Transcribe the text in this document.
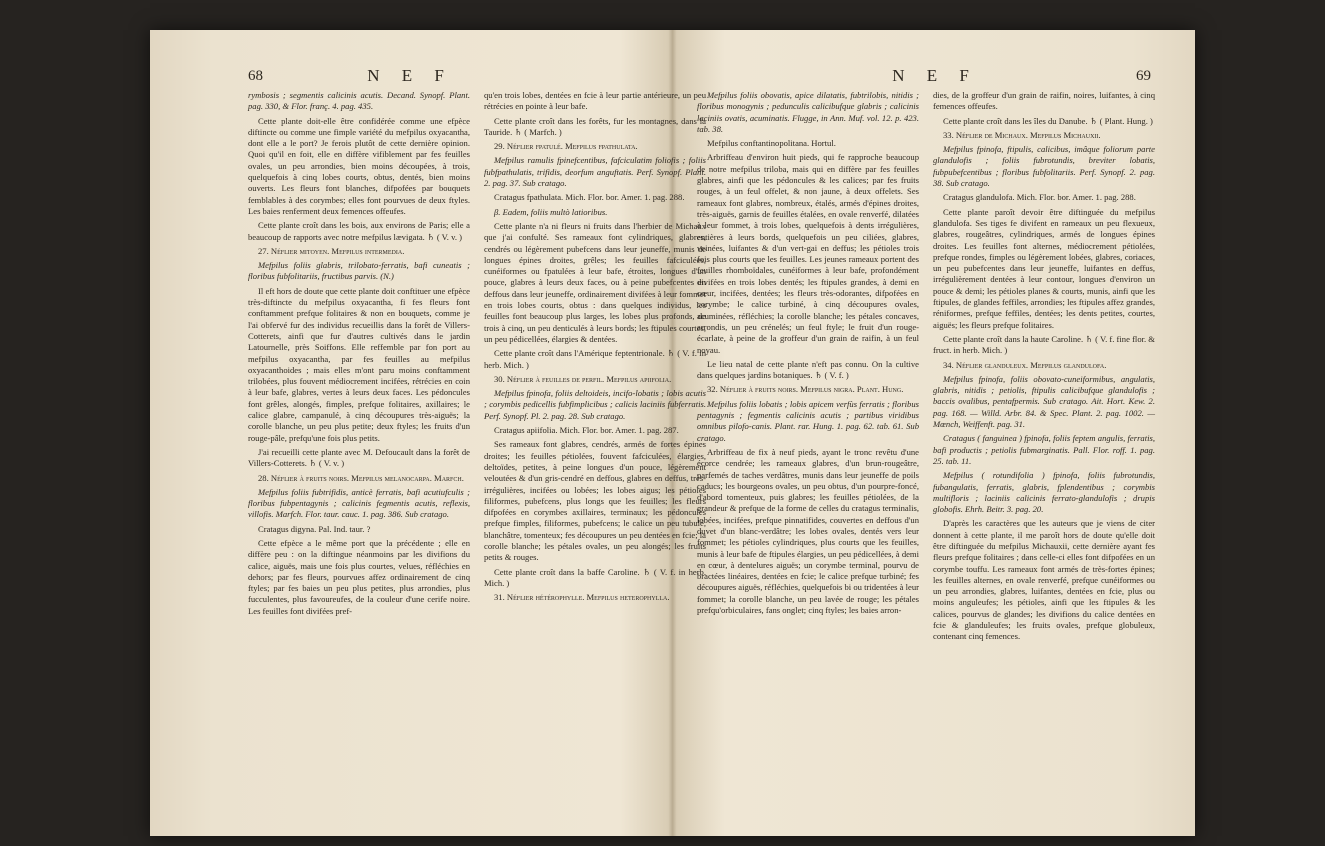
68	N E F

rymbosis ; segmentis calicinis acutis. Decand. Synopf. Plant. pag. 330, & Flor. franç. 4. pag. 435.

Cette plante doit-elle être confidérée comme une efpèce diftincte ou comme une fimple variété du mefpilus oxyacantha, dont elle a le port? Je ferois plutôt de cette dernière opinion. Quoi qu'il en foit, elle en diffère vifiblement par fes feuilles ovales, un peu arrondies, bien moins découpées, à trois, quelquefois à cinq lobes courts, obtus, dentés, bien moins ouverts. Les fleurs font blanches, difpofées par bouquets femblables à des corymbes; elles font pourvues de deux ftyles. Les baies renferment deux femences offeufes.

Cette plante croît dans les bois, aux environs de Paris; elle a beaucoup de rapports avec notre mefpilus lævigata. ♄ ( V. v. )

27. Néflier mitoyen. Mefpilus intermedia.

Mefpilus foliis glabris, trilobato-ferratis, bafi cuneatis ; floribus fubfolitariis, fructibus parvis. (N.)

Il eft hors de doute que cette plante doit conftituer une efpèce très-diftincte du mefpilus oxyacantha, fi fes fleurs font conftamment prefque folitaires & non en bouquets, comme je l'ai obfervé fur des individus recueillis dans la forêt de Villers-Cotterets, ainfi que fur d'autres cultivés dans le jardin Latournelle, près Soiffons. Elle reffemble par fon port au mefpilus oxyacantha, par fes feuilles au mefpilus oxyacanthoides ; mais elles m'ont paru moins conftamment trilobées, plus fouvent médiocrement incifées, rétrécies en coin à leur bafe, glabres, vertes à leurs deux faces. Les pédoncules font grêles, alongés, fimples, prefque folitaires, axillaires; le calice glabre, campanulé, à cinq découpures très-aiguës; la corolle blanche, un peu plus petite; deux ftyles; les fruits d'un rouge-pâle, prefqu'une fois plus petits.

J'ai recueilli cette plante avec M. Defoucault dans la forêt de Villers-Cotterets. ♄ ( V. v. )

28. Néflier à fruits noirs. Mefpilus melanocarpa. Marfch.

Mefpilus foliis fubtrifidis, anticè ferratis, bafi acutiufculis ; floribus fubpentagynis ; calicinis fegmentis acutis, reflexis, villofis. Marfch. Flor. taur. cauc. 1. pag. 386. Sub cratago.

Cratagus digyna. Pal. Ind. taur. ?

Cette efpèce a le même port que la précédente ; elle en diffère peu : on la diftingue néanmoins par les divifions du calice, aiguës, mais une fois plus courtes, velues, réfléchies en dehors; par fes fleurs, pourvues affez ordinairement de cinq ftyles; par fes baies un peu plus petites, plus arrondies, plus fucculentes, plus favoureufes, de la couleur d'une cerife noire. Les feuilles font divifées pref-

qu'en trois lobes, dentées en fcie à leur partie antérieure, un peu rétrécies en pointe à leur bafe.

Cette plante croît dans les forêts, fur les montagnes, dans la Tauride. ♄ ( Marfch. )

29. Néflier fpatulé. Mefpilus fpathulata.

Mefpilus ramulis fpinefcentibus, fafciculatim foliofis ; foliis fubfpathulatis, trifidis, deorfum anguftatis. Perf. Synopf. Plant. 2. pag. 37. Sub cratago.

Cratagus fpathulata. Mich. Flor. bor. Amer. 1. pag. 288.

β. Eadem, foliis multò latioribus.

Cette plante n'a ni fleurs ni fruits dans l'herbier de Michaux que j'ai confulté. Ses rameaux font cylindriques, glabres, cendrés ou légèrement pubefcens dans leur jeuneffe, munis de longues épines droites, grêles; les feuilles fafciculées, cunéiformes ou fpatulées à leur bafe, étroites, longues d'un pouce, glabres à leurs deux faces, ou à peine pubefcentes en deffous dans leur jeuneffe, ordinairement divifées à leur fommet en trois lobes courts, obtus : dans quelques individus, les feuilles font beaucoup plus larges, les lobes plus profonds, de trois à cinq, un peu denticulés à leurs bords; les ftipules courtes, un peu pédicellées, élargies & dentées.

Cette plante croît dans l'Amérique feptentrionale. ♄ ( V. f. in herb. Mich. )

30. Néflier à feuilles de perfil. Mefpilus apiifolia.

Mefpilus fpinofa, foliis deltoideis, incifo-lobatis ; lobis acutis ; corymbis pedicellis fubfimplicibus ; calicis laciniis fubferratis. Perf. Synopf. Pl. 2. pag. 28. Sub cratago.

Cratagus apiifolia. Mich. Flor. bor. Amer. 1. pag. 287.

Ses rameaux font glabres, cendrés, armés de fortes épines droites; les feuilles pétiolées, fouvent fafciculées, élargies, deltoïdes, petites, à peine longues d'un pouce, légèrement veloutées & d'un gris-cendré en deffous, glabres en deffus, très-irrégulières, incifées ou lobées; les lobes aigus; les pétioles filiformes, pubefcens, plus longs que les feuilles; les fleurs difpofées en corymbes axillaires, terminaux; les pédoncules prefque fimples, filiformes, pubefcens; le calice un peu tubulé, blanchâtre, tomenteux; fes découpures un peu dentées en fcie; la corolle blanche; les pétales ovales, un peu alongés; les fruits petits & rouges.

Cette plante croît dans la baffe Caroline. ♄ ( V. f. in herb. Mich. )

31. Néflier hétérophylle. Mefpilus heterophylla.

N E F	69

Mefpilus foliis obovatis, apice dilatatis, fubtrilobis, nitidis ; floribus monogynis ; pedunculis calicibufque glabris ; calicinis laciniis ovatis, acuminatis. Flugge, in Ann. Muf. vol. 12. p. 423. tab. 38.

Mefpilus conftantinopolitana. Hortul.

Arbriffeau d'environ huit pieds, qui fe rapproche beaucoup de notre mefpilus triloba, mais qui en diffère par fes feuilles glabres, ainfi que les pédoncules & les calices; par fes fruits rouges, à un feul offelet, & non jaune, à deux offelets. Ses rameaux font glabres, nombreux, étalés, armés d'épines droites, très-aiguës, garnis de feuilles étalées, en ovale renverfé, dilatées à leur fommet, à trois lobes, quelquefois à dents irrégulières, entières à leurs bords, quelquefois un peu ciliées, glabres, veinées, luifantes & d'un vert-gai en deffus; les pétioles trois fois plus courts que les feuilles. Les jeunes rameaux portent des feuilles rhomboïdales, cunéiformes à leur bafe, profondément divifées en trois lobes dentés; les ftipules grandes, à demi en cœur, incifées, dentées; les fleurs très-odorantes, difpofées en corymbe; le calice turbiné, à cinq découpures ovales, acuminées, réfléchies; la corolle blanche; les pétales concaves, arrondis, un peu crénelés; un feul ftyle; le fruit d'un rouge-écarlate, à peine de la groffeur d'un grain de raifin, à un feul noyau.

Le lieu natal de cette plante n'eft pas connu. On la cultive dans quelques jardins botaniques. ♄ ( V. f. )

32. Néflier à fruits noirs. Mefpilus nigra. Plant. Hung.

Mefpilus foliis lobatis ; lobis apicem verfùs ferratis ; floribus pentagynis ; fegmentis calicinis acutis ; partibus viridibus omnibus pilofo-canis. Plant. rar. Hung. 1. pag. 62. tab. 61. Sub cratago.

Arbriffeau de fix à neuf pieds, ayant le tronc revêtu d'une écorce cendrée; les rameaux glabres, d'un brun-rougeâtre, parfemés de taches verdâtres, munis dans leur jeuneffe de poils caducs; les bourgeons ovales, un peu obtus, d'un pourpre-foncé, d'abord tomenteux, puis glabres; les feuilles pétiolées, de la grandeur & prefque de la forme de celles du cratagus terminalis, lobées, incifées, prefque pinnatifides, couvertes en deffous d'un duvet d'un blanc-verdâtre; les lobes ovales, dentés vers leur fommet; les pétioles cylindriques, plus courts que les feuilles, munis à leur bafe de ftipules élargies, un peu pédicellées, à demi en cœur, à dentelures aiguës; un corymbe terminal, pourvu de bractées linéaires, dentées en fcie; le calice prefque turbiné; fes découpures aiguës, réfléchies, quelquefois bi ou tridentées à leur fommet; la corolle blanche, un peu lavée de rouge; les pétales prefqu'orbiculaires, fans onglet; cinq ftyles; les baies arron-

dies, de la groffeur d'un grain de raifin, noires, luifantes, à cinq femences offeufes.

Cette plante croît dans les îles du Danube. ♄ ( Plant. Hung. )

33. Néflier de Michaux. Mefpilus Michauxii.

Mefpilus fpinofa, ftipulis, calicibus, imâque foliorum parte glandulofis ; foliis fubrotundis, breviter lobatis, fubpubefcentibus ; floribus fubfolitariis. Perf. Synopf. 2. pag. 38. Sub cratago.

Cratagus glandulofa. Mich. Flor. bor. Amer. 1. pag. 288.

Cette plante paroît devoir être diftinguée du mefpilus glandulofa. Ses tiges fe divifent en rameaux un peu flexueux, glabres, rougeâtres, cylindriques, armés de longues épines droites. Les feuilles font alternes, médiocrement pétiolées, prefque rondes, fimples ou légèrement lobées, glabres, coriaces, un peu pubefcentes dans leur jeuneffe, luifantes en deffus, irrégulièrement dentées à leur contour, longues d'environ un pouce & demi; les pétioles planes & courts, munis, ainfi que les ftipules, de glandes feffiles, arrondies; les ftipules affez grandes, réniformes, prefque feffiles, dentées; les dents petites, courtes, aiguës; les fleurs prefque folitaires.

Cette plante croît dans la haute Caroline. ♄ ( V. f. fine flor. & fruct. in herb. Mich. )

34. Néflier glanduleux. Mefpilus glandulofa.

Mefpilus fpinofa, foliis obovato-cuneiformibus, angulatis, glabris, nitidis ; petiolis, ftipulis calicibufque glandulofis ; baccis ovalibus, pentafpermis. Sub cratago. Ait. Hort. Kew. 2. pag. 168. — Willd. Arbr. 84. & Spec. Plant. 2. pag. 1002. — Mœnch, Weiffenft. pag. 31.

Cratagus ( fanguinea ) fpinofa, foliis feptem angulis, ferratis, bafi productis ; petiolis fubmarginatis. Pall. Flor. roff. 1. pag. 25. tab. 11.

Mefpilus ( rotundifolia ) fpinofa, foliis fubrotundis, fubangulatis, ferratis, glabris, fplendentibus ; corymbis multifloris ; laciniis calicinis ferrato-glandulofis ; drupis globofis. Ehrh. Beitr. 3. pag. 20.

D'après les caractères que les auteurs que je viens de citer donnent à cette plante, il me paroît hors de doute qu'elle doit être diftinguée du mefpilus Michauxii, cette dernière ayant fes fleurs prefque folitaires ; dans celle-ci elles font difpofées en un corymbe touffu. Les rameaux font armés de très-fortes épines; les feuilles alternes, en ovale renverfé, prefque cunéiformes ou un peu arrondies, glabres, luifantes, dentées en fcie, plus ou moins anguleufes; les pétioles, ainfi que les ftipules & les calices, pourvus de glandes; les divifions du calice dentées en fcie & glanduleufes; les fruits ovales, prefque globuleux, contenant cinq femences.
